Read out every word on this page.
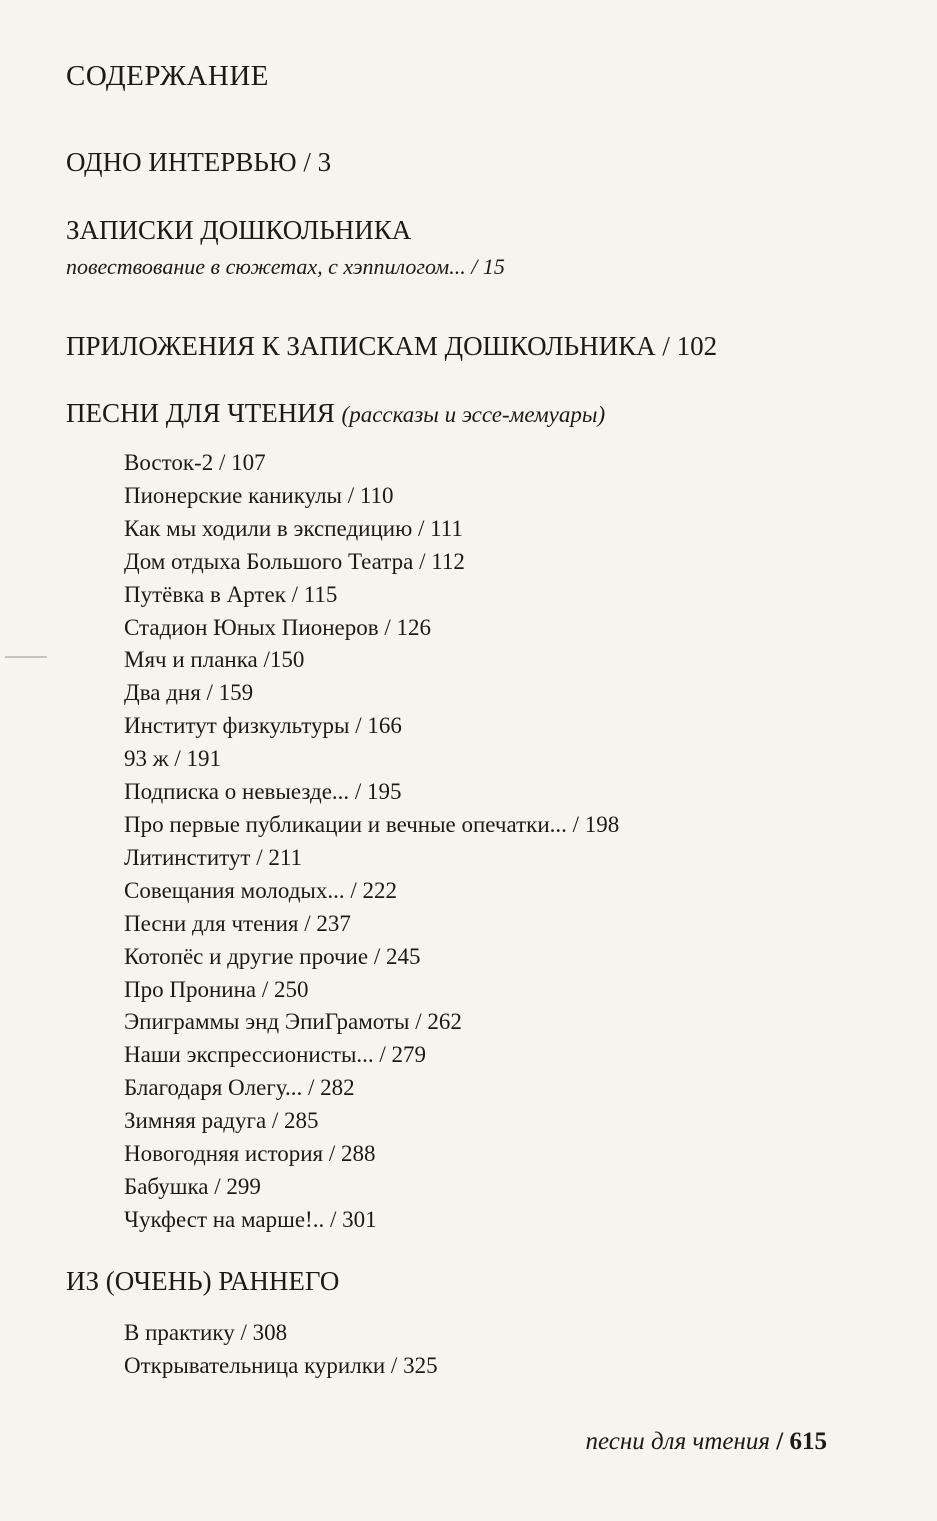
СОДЕРЖАНИЕ
ОДНО ИНТЕРВЬЮ / 3
ЗАПИСКИ ДОШКОЛЬНИКА
повествование в сюжетах, с хэппилогом... / 15
ПРИЛОЖЕНИЯ К ЗАПИСКАМ ДОШКОЛЬНИКА / 102
ПЕСНИ ДЛЯ ЧТЕНИЯ (рассказы и эссе-мемуары)
Восток-2 / 107
Пионерские каникулы / 110
Как мы ходили в экспедицию / 111
Дом отдыха Большого Театра / 112
Путёвка в Артек / 115
Стадион Юных Пионеров / 126
Мяч и планка /150
Два дня / 159
Институт физкультуры / 166
93 ж / 191
Подписка о невыезде... / 195
Про первые публикации и вечные опечатки... / 198
Литинститут / 211
Совещания молодых... / 222
Песни для чтения / 237
Котопёс и другие прочие / 245
Про Пронина / 250
Эпиграммы энд ЭпиГрамоты / 262
Наши экспрессионисты... / 279
Благодаря Олегу... / 282
Зимняя радуга / 285
Новогодняя история / 288
Бабушка / 299
Чукфест на марше!.. / 301
ИЗ (ОЧЕНЬ) РАННЕГО
В практику / 308
Открывательница курилки / 325
песни для чтения / 615
